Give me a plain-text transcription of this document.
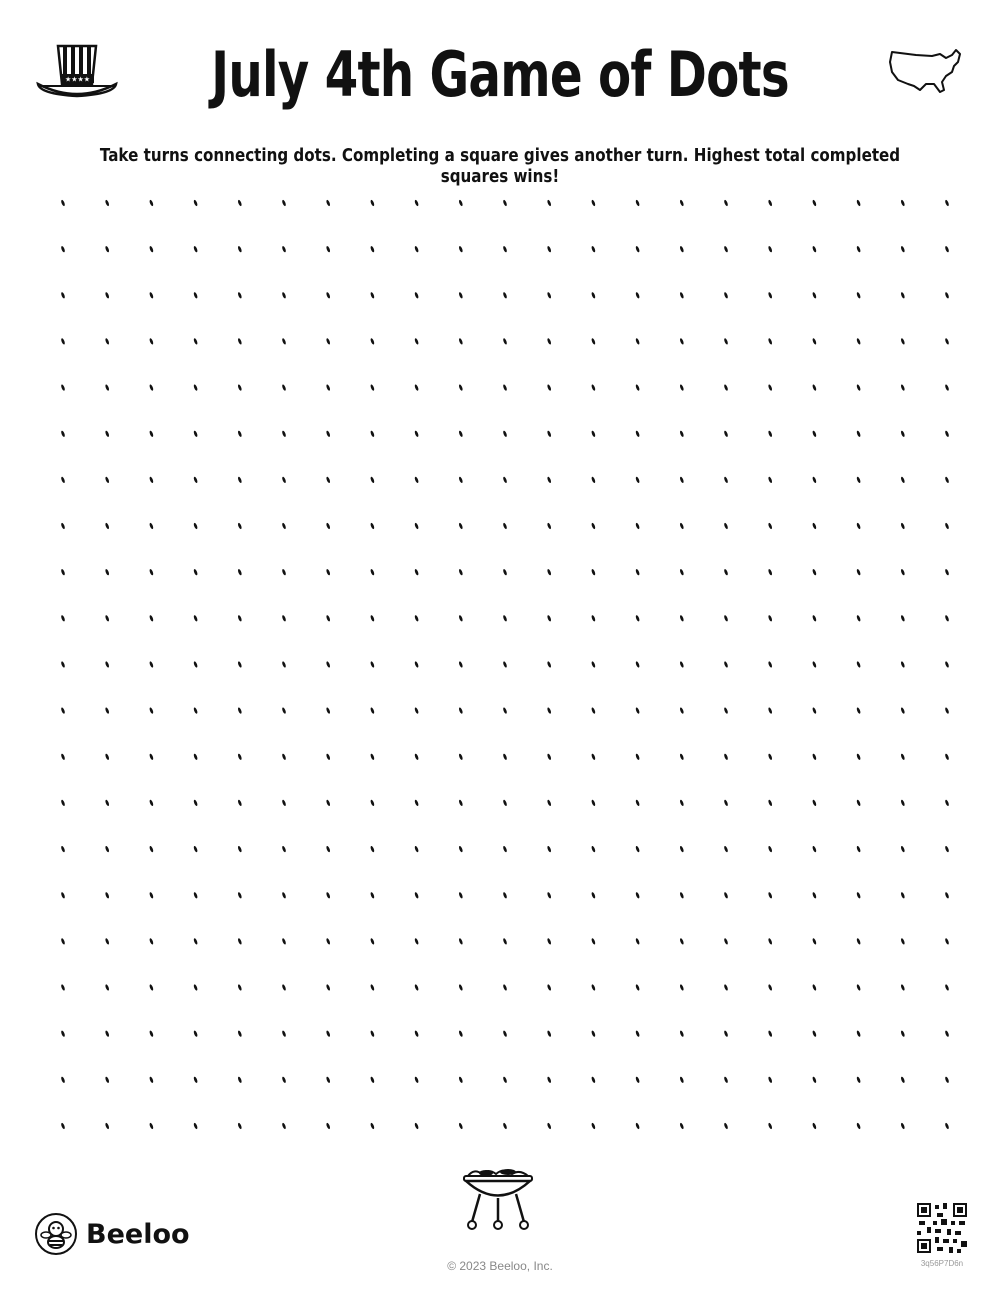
July 4th Game of Dots
★★★★

Take turns connecting dots. Completing a square gives another turn. Highest total completed squares wins!

Beeloo
© 2023 Beeloo, Inc.	3q56P7D6n
